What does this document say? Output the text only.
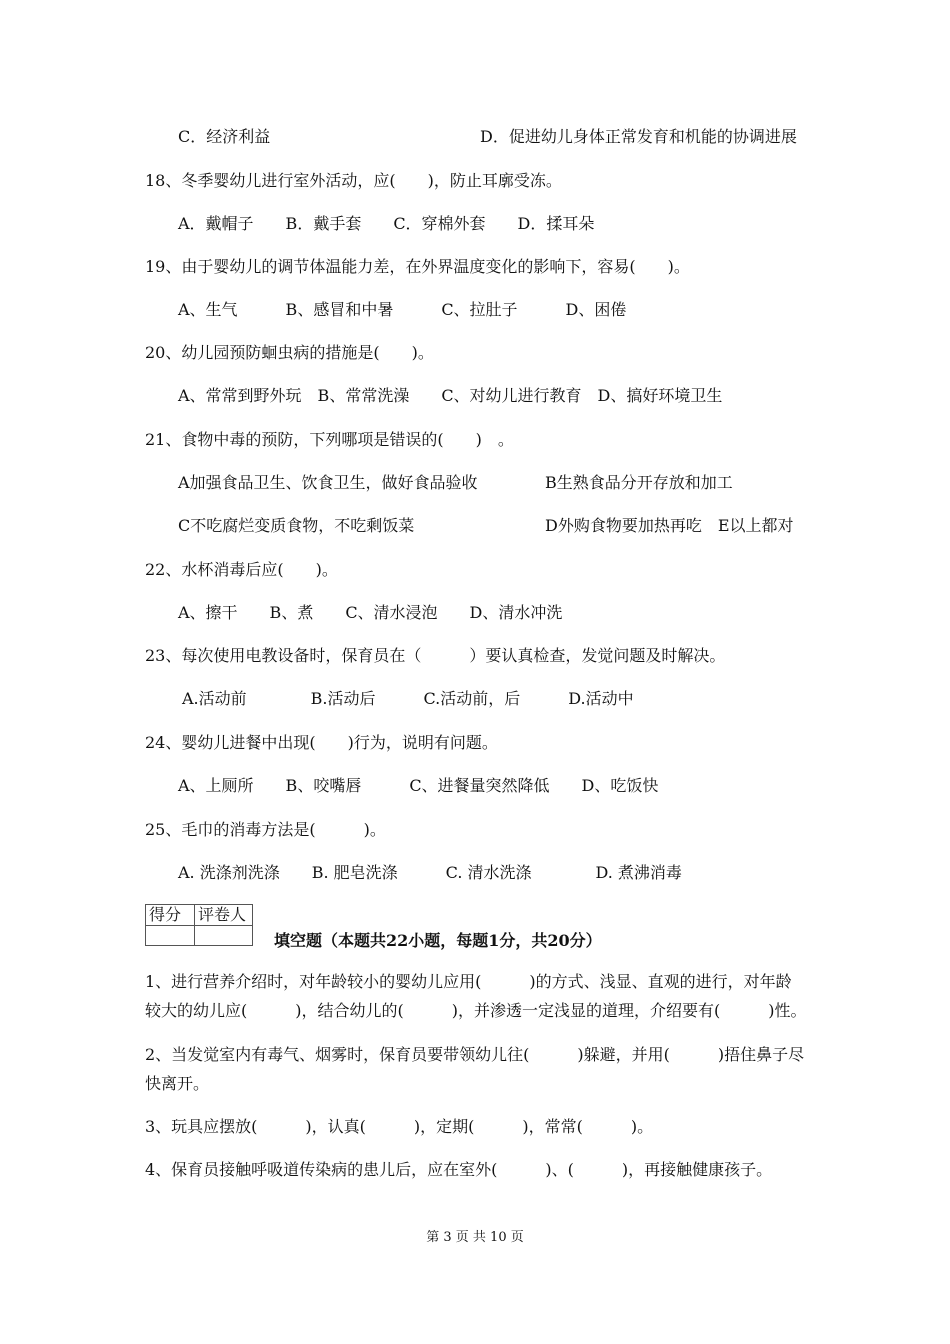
C．经济利益	D．促进幼儿身体正常发育和机能的协调进展
18、冬季婴幼儿进行室外活动，应(　　)，防止耳廓受冻。
A．戴帽子　　B．戴手套　　C．穿棉外套　　D．揉耳朵
19、由于婴幼儿的调节体温能力差，在外界温度变化的影响下，容易(　　)。
A、生气　　　B、感冒和中暑　　　C、拉肚子　　　D、困倦
20、幼儿园预防蛔虫病的措施是(　　)。
A、常常到野外玩　B、常常洗澡　　C、对幼儿进行教育　D、搞好环境卫生
21、食物中毒的预防，下列哪项是错误的(　　)　。
A加强食品卫生、饮食卫生，做好食品验收	B生熟食品分开存放和加工
C不吃腐烂变质食物，不吃剩饭菜	D外购食物要加热再吃　E以上都对
22、水杯消毒后应(　　)。
A、擦干　　B、煮　　C、清水浸泡　　D、清水冲洗
23、每次使用电教设备时，保育员在（　　　）要认真检查，发觉问题及时解决。
A.活动前　　　　B.活动后　　　C.活动前，后　　　D.活动中
24、婴幼儿进餐中出现(　　)行为，说明有问题。
A、上厕所　　B、咬嘴唇　　　C、进餐量突然降低　　D、吃饭快
25、毛巾的消毒方法是(　　　)。
A. 洗涤剂洗涤　　B. 肥皂洗涤　　　C. 清水洗涤　　　　D. 煮沸消毒
得分 评卷人
填空题（本题共22小题，每题1分，共20分）
1、进行营养介绍时，对年龄较小的婴幼儿应用(　　　)的方式、浅显、直观的进行，对年龄
较大的幼儿应(　　　)，结合幼儿的(　　　)，并渗透一定浅显的道理，介绍要有(　　　)性。
2、当发觉室内有毒气、烟雾时，保育员要带领幼儿往(　　　)躲避，并用(　　　)捂住鼻子尽
快离开。
3、玩具应摆放(　　　)，认真(　　　)，定期(　　　)，常常(　　　)。
4、保育员接触呼吸道传染病的患儿后，应在室外(　　　)、(　　　)，再接触健康孩子。
第 3 页 共 10 页
